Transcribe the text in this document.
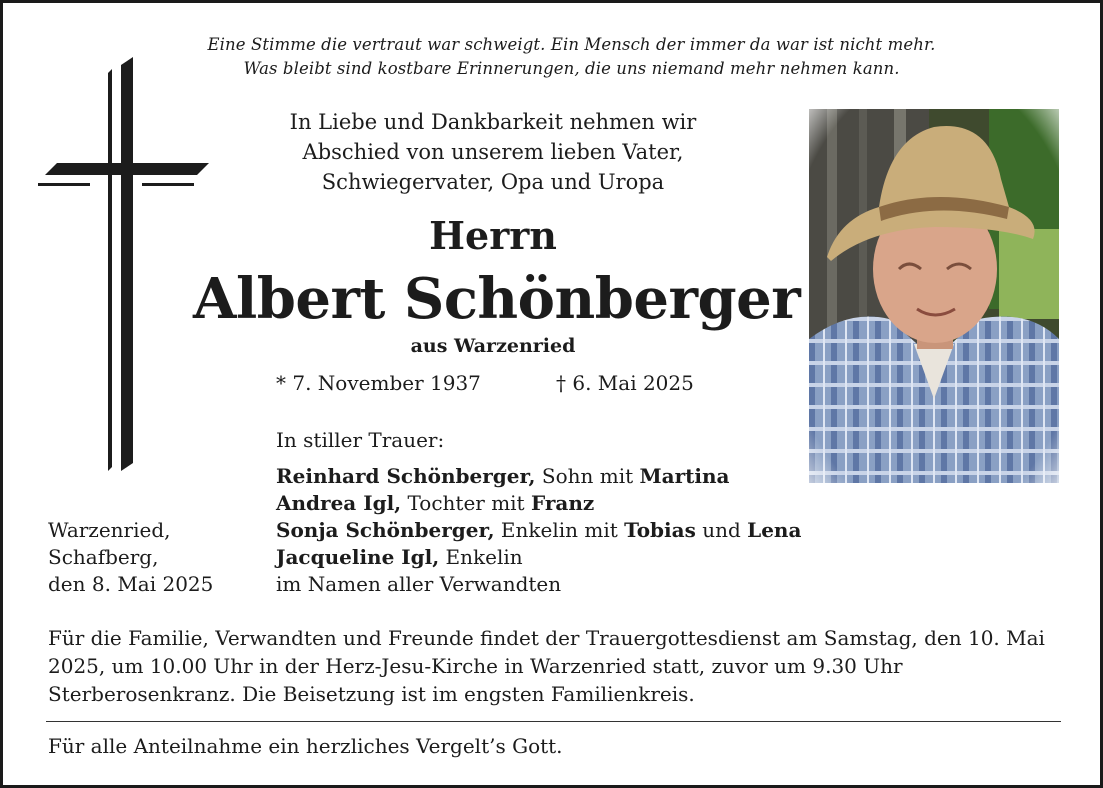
Eine Stimme die vertraut war schweigt. Ein Mensch der immer da war ist nicht mehr.
Was bleibt sind kostbare Erinnerungen, die uns niemand mehr nehmen kann.
In Liebe und Dankbarkeit nehmen wir
Abschied von unserem lieben Vater,
Schwiegervater, Opa und Uropa
Herrn
Albert Schönberger
aus Warzenried
* 7. November 1937	† 6. Mai 2025
In stiller Trauer:
Reinhard Schönberger, Sohn mit Martina
Andrea Igl, Tochter mit Franz
Sonja Schönberger, Enkelin mit Tobias und Lena
Jacqueline Igl, Enkelin
im Namen aller Verwandten
Warzenried,
Schafberg,
den 8. Mai 2025
Für die Familie, Verwandten und Freunde findet der Trauergottesdienst am Samstag, den 10. Mai 2025, um 10.00 Uhr in der Herz-Jesu-Kirche in Warzenried statt, zuvor um 9.30 Uhr Sterberosenkranz. Die Beisetzung ist im engsten Familienkreis.
Für alle Anteilnahme ein herzliches Vergelt’s Gott.
